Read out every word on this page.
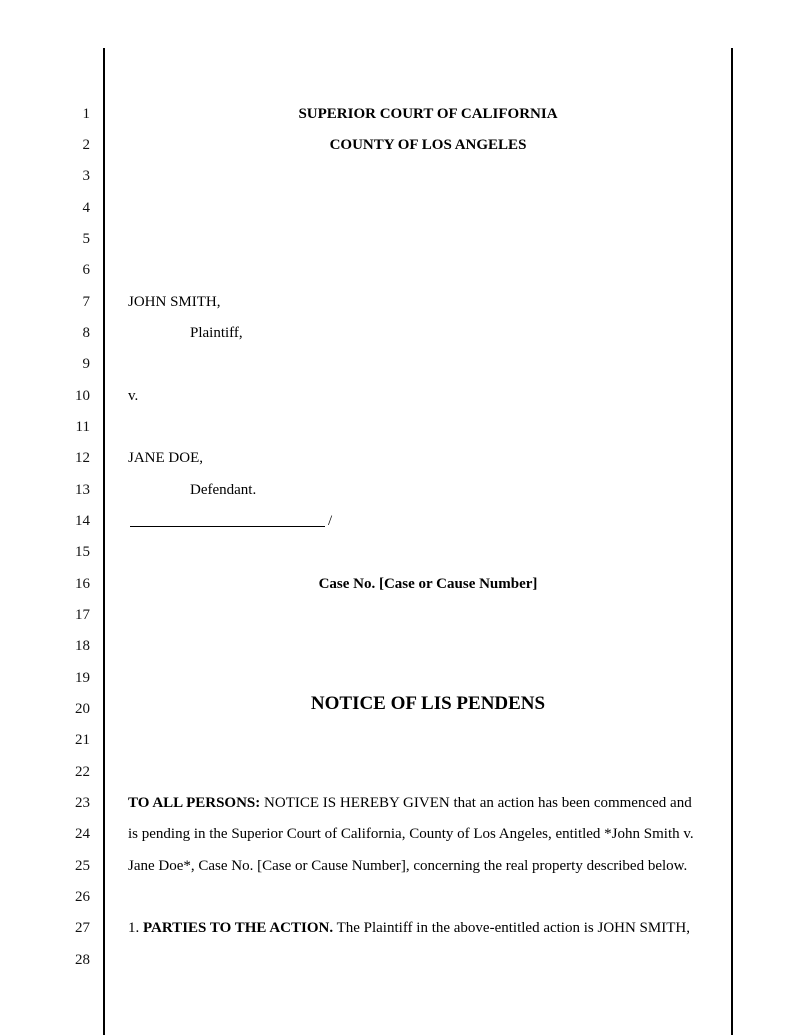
1
2
3
4
5
6
7
8
9
10
11
12
13
14
15
16
17
18
19
20
21
22
23
24
25
26
27
28
SUPERIOR COURT OF CALIFORNIA
COUNTY OF LOS ANGELES
JOHN SMITH,
Plaintiff,
v.
JANE DOE,
Defendant.
/
Case No. [Case or Cause Number]
NOTICE OF LIS PENDENS
TO ALL PERSONS: NOTICE IS HEREBY GIVEN that an action has been commenced and
is pending in the Superior Court of California, County of Los Angeles, entitled *John Smith v.
Jane Doe*, Case No. [Case or Cause Number], concerning the real property described below.
1. PARTIES TO THE ACTION. The Plaintiff in the above-entitled action is JOHN SMITH,
